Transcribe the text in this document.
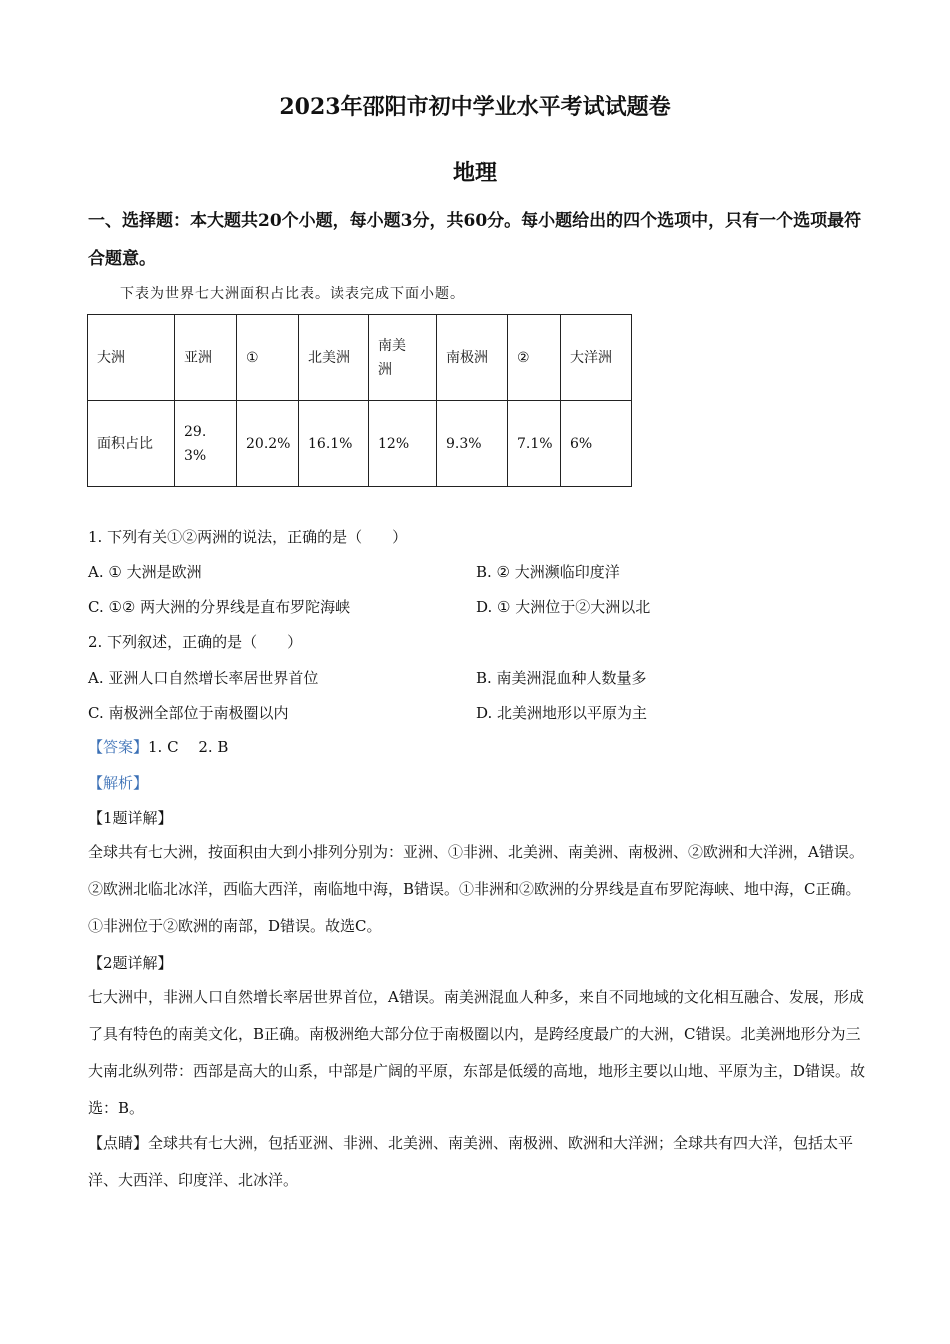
2023年邵阳市初中学业水平考试试题卷
地理
一、选择题：本大题共20个小题，每小题3分，共60分。每小题给出的四个选项中，只有一个选项最符合题意。
下表为世界七大洲面积占比表。读表完成下面小题。
大洲	亚洲	①	北美洲	南美洲	南极洲	②	大洋洲
面积占比	29.3%	20.2%	16.1%	12%	9.3%	7.1%	6%
1. 下列有关①②两洲的说法，正确的是（　　）
A. ① 大洲是欧洲	B. ② 大洲濒临印度洋
C. ①② 两大洲的分界线是直布罗陀海峡	D. ① 大洲位于②大洲以北
2. 下列叙述，正确的是（　　）
A. 亚洲人口自然增长率居世界首位	B. 南美洲混血种人数量多
C. 南极洲全部位于南极圈以内	D. 北美洲地形以平原为主
【答案】1. C　 2. B
【解析】
【1题详解】
全球共有七大洲，按面积由大到小排列分别为：亚洲、①非洲、北美洲、南美洲、南极洲、②欧洲和大洋洲，A错误。②欧洲北临北冰洋，西临大西洋，南临地中海，B错误。①非洲和②欧洲的分界线是直布罗陀海峡、地中海，C正确。①非洲位于②欧洲的南部，D错误。故选C。
【2题详解】
七大洲中，非洲人口自然增长率居世界首位，A错误。南美洲混血人种多，来自不同地域的文化相互融合、发展，形成了具有特色的南美文化，B正确。南极洲绝大部分位于南极圈以内，是跨经度最广的大洲，C错误。北美洲地形分为三大南北纵列带：西部是高大的山系，中部是广阔的平原，东部是低缓的高地，地形主要以山地、平原为主，D错误。故选：B。
【点睛】全球共有七大洲，包括亚洲、非洲、北美洲、南美洲、南极洲、欧洲和大洋洲；全球共有四大洋，包括太平洋、大西洋、印度洋、北冰洋。
